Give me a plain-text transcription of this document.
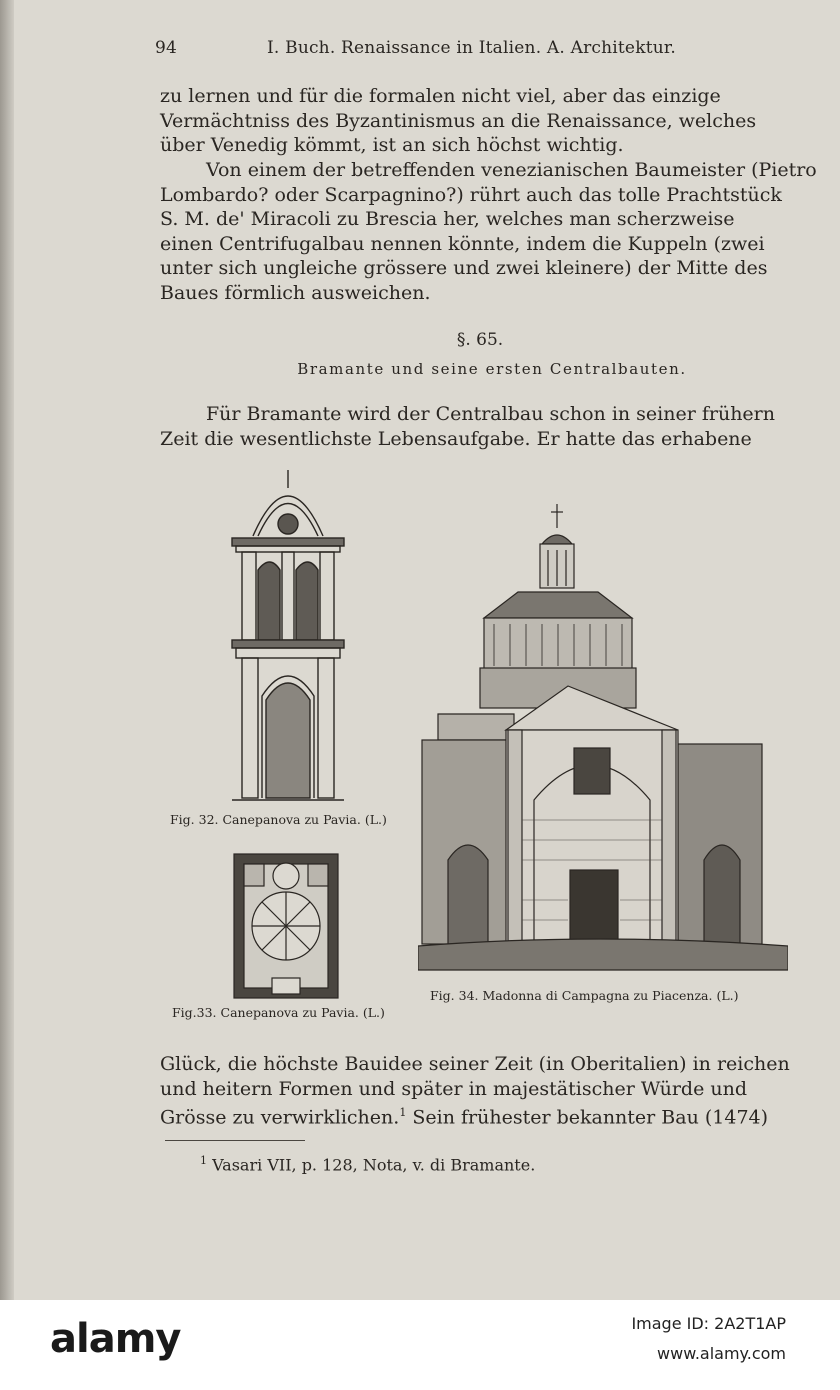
94	I. Buch. Renaissance in Italien. A. Architektur.
zu lernen und für die formalen nicht viel, aber das einzige
Vermächtniss des Byzantinismus an die Renaissance, welches
über Venedig kömmt, ist an sich höchst wichtig.
Von einem der betreffenden venezianischen Baumeister (Pietro
Lombardo? oder Scarpagnino?) rührt auch das tolle Prachtstück
S. M. de' Miracoli zu Brescia her, welches man scherzweise
einen Centrifugalbau nennen könnte, indem die Kuppeln (zwei
unter sich ungleiche grössere und zwei kleinere) der Mitte des
Baues förmlich ausweichen.
§. 65.
Bramante und seine ersten Centralbauten.
Für Bramante wird der Centralbau schon in seiner frühern
Zeit die wesentlichste Lebensaufgabe. Er hatte das erhabene
Fig. 32. Canepanova zu Pavia. (L.)
Fig.33. Canepanova zu Pavia. (L.)
Fig. 34. Madonna di Campagna zu Piacenza. (L.)
Glück, die höchste Bauidee seiner Zeit (in Oberitalien) in reichen
und heitern Formen und später in majestätischer Würde und
Grösse zu verwirklichen.$^1$ Sein frühester bekannter Bau (1474)
$^1$ Vasari VII, p. 128, Nota, v. di Bramante.
alamy	Image ID: 2A2T1AP
www.alamy.com
